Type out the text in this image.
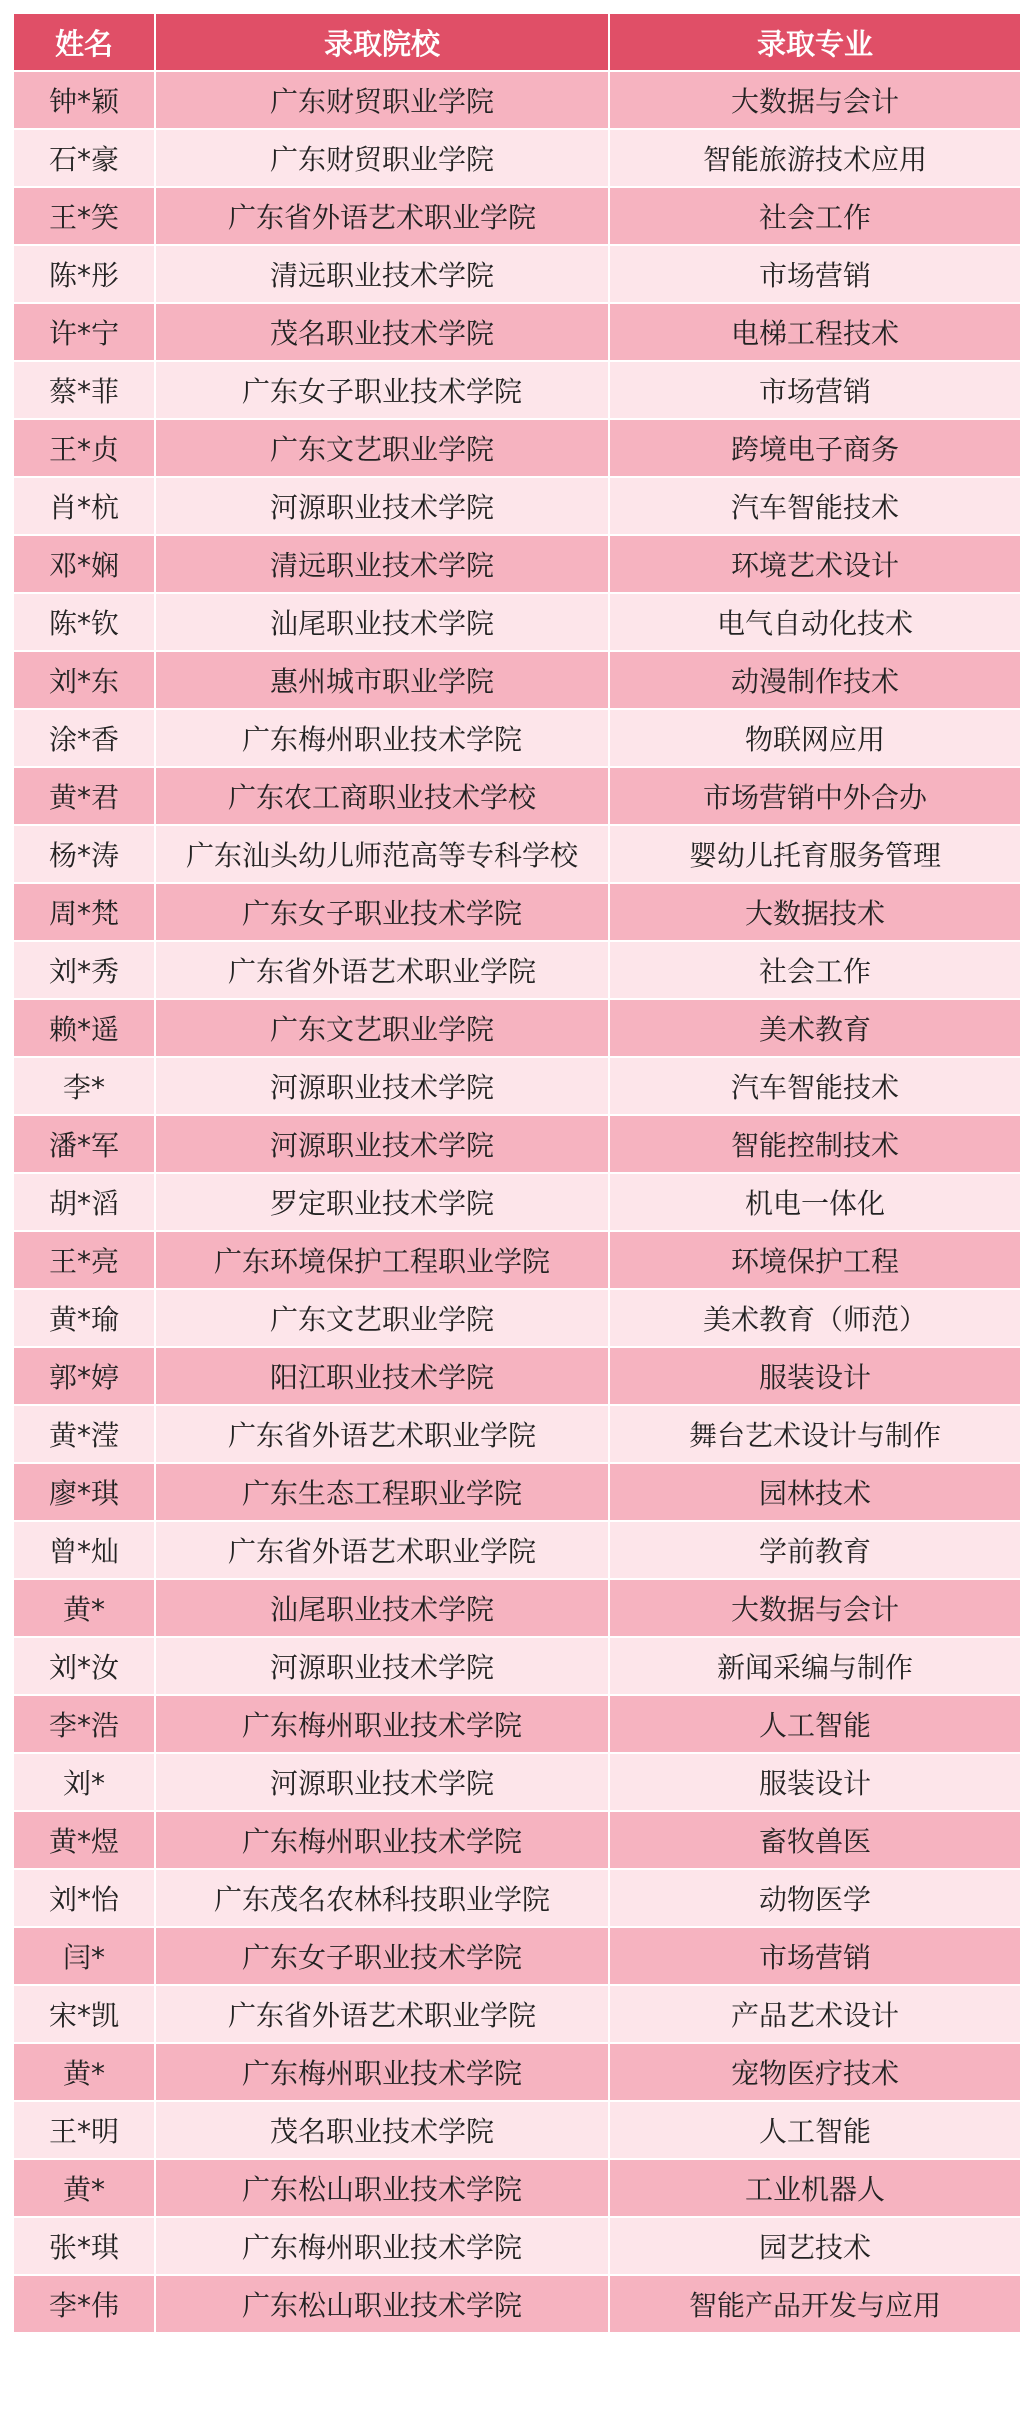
姓名	录取院校	录取专业
钟*颖	广东财贸职业学院	大数据与会计
石*豪	广东财贸职业学院	智能旅游技术应用
王*笑	广东省外语艺术职业学院	社会工作
陈*彤	清远职业技术学院	市场营销
许*宁	茂名职业技术学院	电梯工程技术
蔡*菲	广东女子职业技术学院	市场营销
王*贞	广东文艺职业学院	跨境电子商务
肖*杭	河源职业技术学院	汽车智能技术
邓*娴	清远职业技术学院	环境艺术设计
陈*钦	汕尾职业技术学院	电气自动化技术
刘*东	惠州城市职业学院	动漫制作技术
涂*香	广东梅州职业技术学院	物联网应用
黄*君	广东农工商职业技术学校	市场营销中外合办
杨*涛	广东汕头幼儿师范高等专科学校	婴幼儿托育服务管理
周*梵	广东女子职业技术学院	大数据技术
刘*秀	广东省外语艺术职业学院	社会工作
赖*遥	广东文艺职业学院	美术教育
李*	河源职业技术学院	汽车智能技术
潘*军	河源职业技术学院	智能控制技术
胡*滔	罗定职业技术学院	机电一体化
王*亮	广东环境保护工程职业学院	环境保护工程
黄*瑜	广东文艺职业学院	美术教育（师范）
郭*婷	阳江职业技术学院	服装设计
黄*滢	广东省外语艺术职业学院	舞台艺术设计与制作
廖*琪	广东生态工程职业学院	园林技术
曾*灿	广东省外语艺术职业学院	学前教育
黄*	汕尾职业技术学院	大数据与会计
刘*汝	河源职业技术学院	新闻采编与制作
李*浩	广东梅州职业技术学院	人工智能
刘*	河源职业技术学院	服装设计
黄*煜	广东梅州职业技术学院	畜牧兽医
刘*怡	广东茂名农林科技职业学院	动物医学
闫*	广东女子职业技术学院	市场营销
宋*凯	广东省外语艺术职业学院	产品艺术设计
黄*	广东梅州职业技术学院	宠物医疗技术
王*明	茂名职业技术学院	人工智能
黄*	广东松山职业技术学院	工业机器人
张*琪	广东梅州职业技术学院	园艺技术
李*伟	广东松山职业技术学院	智能产品开发与应用
